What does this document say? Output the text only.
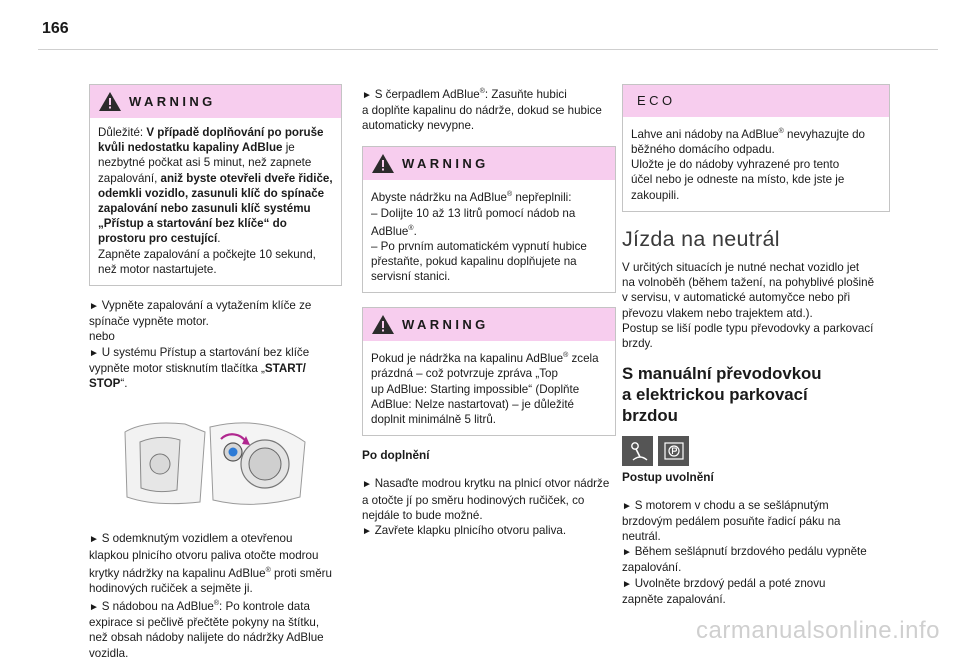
166
WARNING
Důležité: V případě doplňování po poruše
kvůli nedostatku kapaliny AdBlue je
nezbytné počkat asi 5 minut, než zapnete
zapalování, aniž byste otevřeli dveře řidiče,
odemkli vozidlo, zasunuli klíč do spínače
zapalování nebo zasunuli klíč systému
„Přístup a startování bez klíče“ do
prostoru pro cestující.
Zapněte zapalování a počkejte 10 sekund,
než motor nastartujete.

► Vypněte zapalování a vytažením klíče ze
spínače vypněte motor.
nebo
► U systému Přístup a startování bez klíče
vypněte motor stisknutím tlačítka „START/
STOP“.

► S odemknutým vozidlem a otevřenou
klapkou plnicího otvoru paliva otočte modrou
krytky nádržky na kapalinu AdBlue® proti směru
hodinových ručiček a sejměte ji.
► S nádobou na AdBlue®: Po kontrole data
expirace si pečlivě přečtěte pokyny na štítku,
než obsah nádoby nalijete do nádržky AdBlue
vozidla.

► S čerpadlem AdBlue®: Zasuňte hubici
a doplňte kapalinu do nádrže, dokud se hubice
automaticky nevypne.

WARNING
Abyste nádržku na AdBlue® nepřeplnili:
– Dolijte 10 až 13 litrů pomocí nádob na
AdBlue®.
– Po prvním automatickém vypnutí hubice
přestaňte, pokud kapalinu doplňujete na
servisní stanici.
WARNING
Pokud je nádržka na kapalinu AdBlue® zcela
prázdná – což potvrzuje zpráva „Top
up AdBlue: Starting impossible“ (Doplňte
AdBlue: Nelze nastartovat) – je důležité
doplnit minimálně 5 litrů.
Po doplnění

► Nasaďte modrou krytku na plnicí otvor nádrže
a otočte jí po směru hodinových ručiček, co
nejdále to bude možné.
► Zavřete klapku plnicího otvoru paliva.

ECO
Lahve ani nádoby na AdBlue® nevyhazujte do
běžného domácího odpadu.
Uložte je do nádoby vyhrazené pro tento
účel nebo je odneste na místo, kde jste je
zakoupili.
Jízda na neutrál

V určitých situacích je nutné nechat vozidlo jet
na volnoběh (během tažení, na pohyblivé plošině
v servisu, v automatické automyčce nebo při
převozu vlakem nebo trajektem atd.).
Postup se liší podle typu převodovky a parkovací
brzdy.

S manuální převodovkou
a elektrickou parkovací
brzdou
Postup uvolnění

► S motorem v chodu a se sešlápnutým
brzdovým pedálem posuňte řadicí páku na
neutrál.
► Během sešlápnutí brzdového pedálu vypněte
zapalování.
► Uvolněte brzdový pedál a poté znovu
zapněte zapalování.

carmanualsonline.info
